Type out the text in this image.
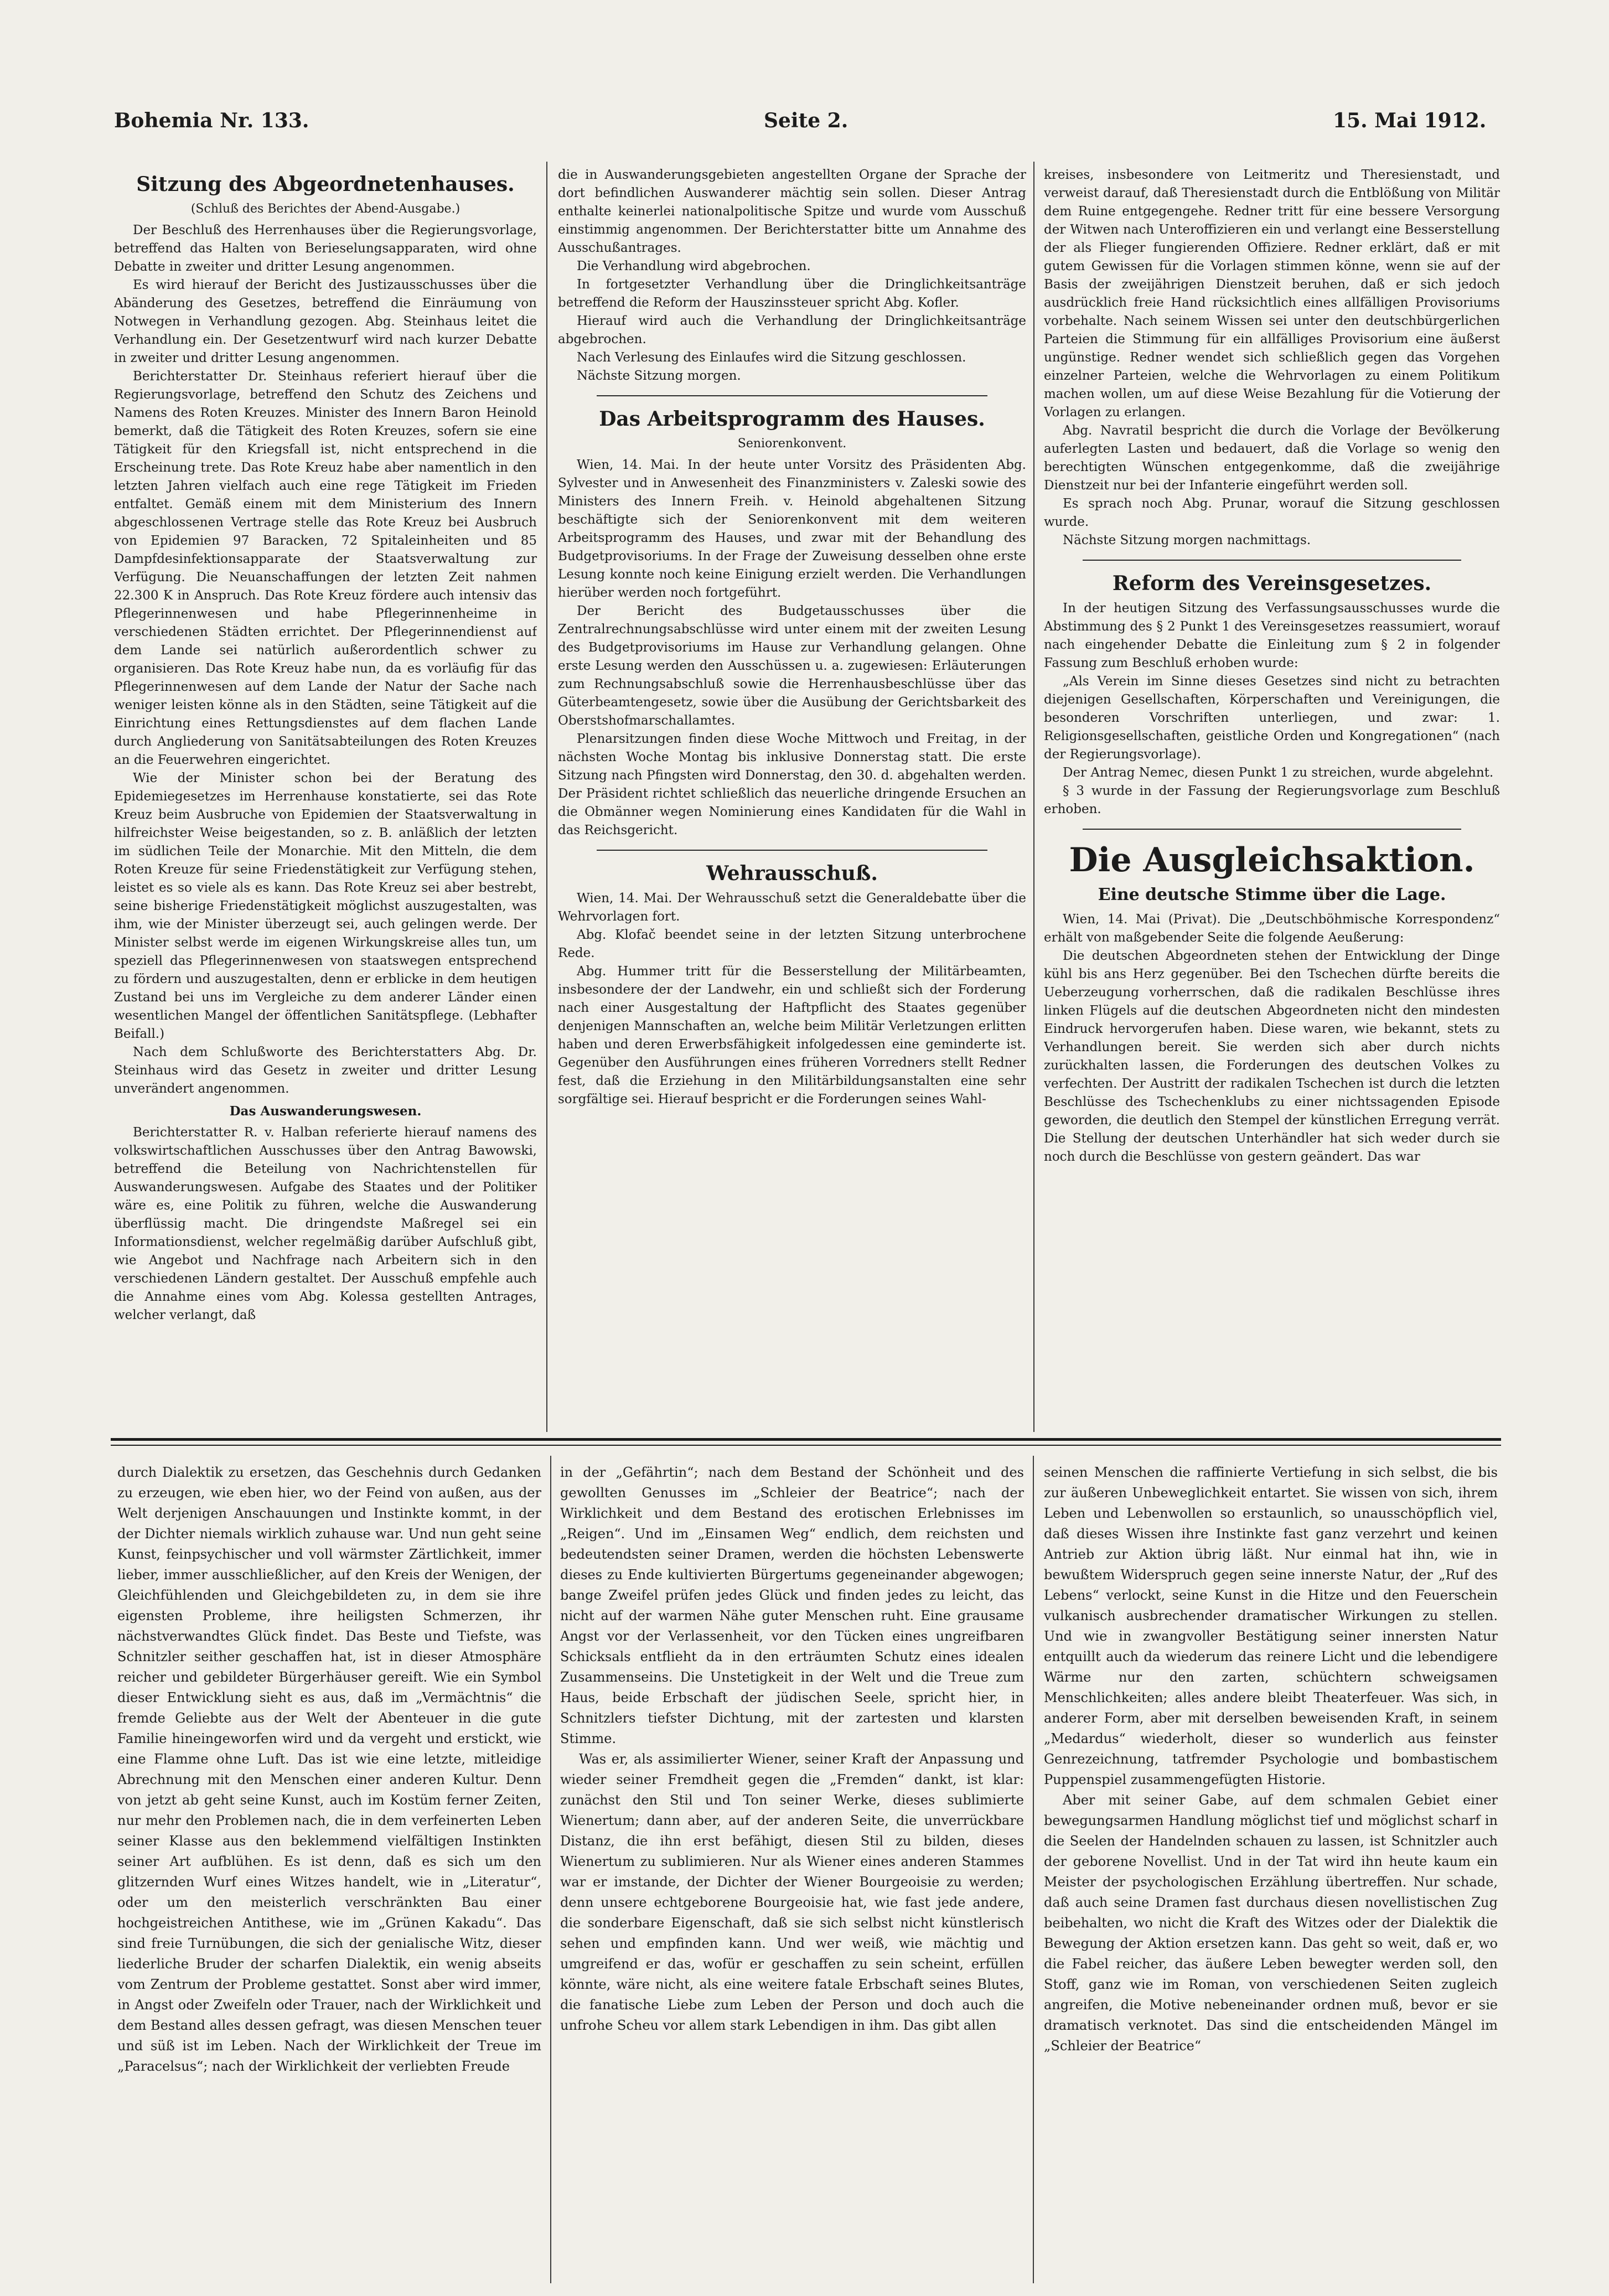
Bohemia Nr. 133.	Seite 2.	15. Mai 1912.
Sitzung des Abgeordnetenhauses.
(Schluß des Berichtes der Abend-Ausgabe.)

Der Beschluß des Herrenhauses über die Regierungsvorlage, betreffend das Halten von Berieselungsapparaten, wird ohne Debatte in zweiter und dritter Lesung angenommen.

Es wird hierauf der Bericht des Justizausschusses über die Abänderung des Gesetzes, betreffend die Einräumung von Notwegen in Verhandlung gezogen. Abg. Steinhaus leitet die Verhandlung ein. Der Gesetzentwurf wird nach kurzer Debatte in zweiter und dritter Lesung angenommen.

Berichterstatter Dr. Steinhaus referiert hierauf über die Regierungsvorlage, betreffend den Schutz des Zeichens und Namens des Roten Kreuzes. Minister des Innern Baron Heinold bemerkt, daß die Tätigkeit des Roten Kreuzes, sofern sie eine Tätigkeit für den Kriegsfall ist, nicht entsprechend in die Erscheinung trete. Das Rote Kreuz habe aber namentlich in den letzten Jahren vielfach auch eine rege Tätigkeit im Frieden entfaltet. Gemäß einem mit dem Ministerium des Innern abgeschlossenen Vertrage stelle das Rote Kreuz bei Ausbruch von Epidemien 97 Baracken, 72 Spitaleinheiten und 85 Dampfdesinfektionsapparate der Staatsverwaltung zur Verfügung. Die Neuanschaffungen der letzten Zeit nahmen 22.300 K in Anspruch. Das Rote Kreuz fördere auch intensiv das Pflegerinnenwesen und habe Pflegerinnenheime in verschiedenen Städten errichtet. Der Pflegerinnendienst auf dem Lande sei natürlich außerordentlich schwer zu organisieren. Das Rote Kreuz habe nun, da es vorläufig für das Pflegerinnenwesen auf dem Lande der Natur der Sache nach weniger leisten könne als in den Städten, seine Tätigkeit auf die Einrichtung eines Rettungsdienstes auf dem flachen Lande durch Angliederung von Sanitätsabteilungen des Roten Kreuzes an die Feuerwehren eingerichtet.

Wie der Minister schon bei der Beratung des Epidemiegesetzes im Herrenhause konstatierte, sei das Rote Kreuz beim Ausbruche von Epidemien der Staatsverwaltung in hilfreichster Weise beigestanden, so z. B. anläßlich der letzten im südlichen Teile der Monarchie. Mit den Mitteln, die dem Roten Kreuze für seine Friedenstätigkeit zur Verfügung stehen, leistet es so viele als es kann. Das Rote Kreuz sei aber bestrebt, seine bisherige Friedenstätigkeit möglichst auszugestalten, was ihm, wie der Minister überzeugt sei, auch gelingen werde. Der Minister selbst werde im eigenen Wirkungskreise alles tun, um speziell das Pflegerinnenwesen von staatswegen entsprechend zu fördern und auszugestalten, denn er erblicke in dem heutigen Zustand bei uns im Vergleiche zu dem anderer Länder einen wesentlichen Mangel der öffentlichen Sanitätspflege. (Lebhafter Beifall.)

Nach dem Schlußworte des Berichterstatters Abg. Dr. Steinhaus wird das Gesetz in zweiter und dritter Lesung unverändert angenommen.

Das Auswanderungswesen.

Berichterstatter R. v. Halban referierte hierauf namens des volkswirtschaftlichen Ausschusses über den Antrag Bawowski, betreffend die Beteilung von Nachrichtenstellen für Auswanderungswesen. Aufgabe des Staates und der Politiker wäre es, eine Politik zu führen, welche die Auswanderung überflüssig macht. Die dringendste Maßregel sei ein Informationsdienst, welcher regelmäßig darüber Aufschluß gibt, wie Angebot und Nachfrage nach Arbeitern sich in den verschiedenen Ländern gestaltet. Der Ausschuß empfehle auch die Annahme eines vom Abg. Kolessa gestellten Antrages, welcher verlangt, daß

die in Auswanderungsgebieten angestellten Organe der Sprache der dort befindlichen Auswanderer mächtig sein sollen. Dieser Antrag enthalte keinerlei nationalpolitische Spitze und wurde vom Ausschuß einstimmig angenommen. Der Berichterstatter bitte um Annahme des Ausschußantrages.

Die Verhandlung wird abgebrochen.

In fortgesetzter Verhandlung über die Dringlichkeitsanträge betreffend die Reform der Hauszinssteuer spricht Abg. Kofler.

Hierauf wird auch die Verhandlung der Dringlichkeitsanträge abgebrochen.

Nach Verlesung des Einlaufes wird die Sitzung geschlossen.

Nächste Sitzung morgen.

Das Arbeitsprogramm des Hauses.
Seniorenkonvent.

Wien, 14. Mai. In der heute unter Vorsitz des Präsidenten Abg. Sylvester und in Anwesenheit des Finanzministers v. Zaleski sowie des Ministers des Innern Freih. v. Heinold abgehaltenen Sitzung beschäftigte sich der Seniorenkonvent mit dem weiteren Arbeitsprogramm des Hauses, und zwar mit der Behandlung des Budgetprovisoriums. In der Frage der Zuweisung desselben ohne erste Lesung konnte noch keine Einigung erzielt werden. Die Verhandlungen hierüber werden noch fortgeführt.

Der Bericht des Budgetausschusses über die Zentralrechnungsabschlüsse wird unter einem mit der zweiten Lesung des Budgetprovisoriums im Hause zur Verhandlung gelangen. Ohne erste Lesung werden den Ausschüssen u. a. zugewiesen: Erläuterungen zum Rechnungsabschluß sowie die Herrenhausbeschlüsse über das Güterbeamtengesetz, sowie über die Ausübung der Gerichtsbarkeit des Oberstshofmarschallamtes.

Plenarsitzungen finden diese Woche Mittwoch und Freitag, in der nächsten Woche Montag bis inklusive Donnerstag statt. Die erste Sitzung nach Pfingsten wird Donnerstag, den 30. d. abgehalten werden. Der Präsident richtet schließlich das neuerliche dringende Ersuchen an die Obmänner wegen Nominierung eines Kandidaten für die Wahl in das Reichsgericht.

Wehrausschuß.

Wien, 14. Mai. Der Wehrausschuß setzt die Generaldebatte über die Wehrvorlagen fort.

Abg. Klofač beendet seine in der letzten Sitzung unterbrochene Rede.

Abg. Hummer tritt für die Besserstellung der Militärbeamten, insbesondere der der Landwehr, ein und schließt sich der Forderung nach einer Ausgestaltung der Haftpflicht des Staates gegenüber denjenigen Mannschaften an, welche beim Militär Verletzungen erlitten haben und deren Erwerbsfähigkeit infolgedessen eine geminderte ist. Gegenüber den Ausführungen eines früheren Vorredners stellt Redner fest, daß die Erziehung in den Militärbildungsanstalten eine sehr sorgfältige sei. Hierauf bespricht er die Forderungen seines Wahl-

kreises, insbesondere von Leitmeritz und Theresienstadt, und verweist darauf, daß Theresienstadt durch die Entblößung von Militär dem Ruine entgegengehe. Redner tritt für eine bessere Versorgung der Witwen nach Unteroffizieren ein und verlangt eine Besserstellung der als Flieger fungierenden Offiziere. Redner erklärt, daß er mit gutem Gewissen für die Vorlagen stimmen könne, wenn sie auf der Basis der zweijährigen Dienstzeit beruhen, daß er sich jedoch ausdrücklich freie Hand rücksichtlich eines allfälligen Provisoriums vorbehalte. Nach seinem Wissen sei unter den deutschbürgerlichen Parteien die Stimmung für ein allfälliges Provisorium eine äußerst ungünstige. Redner wendet sich schließlich gegen das Vorgehen einzelner Parteien, welche die Wehrvorlagen zu einem Politikum machen wollen, um auf diese Weise Bezahlung für die Votierung der Vorlagen zu erlangen.

Abg. Navratil bespricht die durch die Vorlage der Bevölkerung auferlegten Lasten und bedauert, daß die Vorlage so wenig den berechtigten Wünschen entgegenkomme, daß die zweijährige Dienstzeit nur bei der Infanterie eingeführt werden soll.

Es sprach noch Abg. Prunar, worauf die Sitzung geschlossen wurde.

Nächste Sitzung morgen nachmittags.

Reform des Vereinsgesetzes.

In der heutigen Sitzung des Verfassungsausschusses wurde die Abstimmung des § 2 Punkt 1 des Vereinsgesetzes reassumiert, worauf nach eingehender Debatte die Einleitung zum § 2 in folgender Fassung zum Beschluß erhoben wurde:

„Als Verein im Sinne dieses Gesetzes sind nicht zu betrachten diejenigen Gesellschaften, Körperschaften und Vereinigungen, die besonderen Vorschriften unterliegen, und zwar: 1. Religionsgesellschaften, geistliche Orden und Kongregationen“ (nach der Regierungsvorlage).

Der Antrag Nemec, diesen Punkt 1 zu streichen, wurde abgelehnt.

§ 3 wurde in der Fassung der Regierungsvorlage zum Beschluß erhoben.

Die Ausgleichsaktion.
Eine deutsche Stimme über die Lage.

Wien, 14. Mai (Privat). Die „Deutschböhmische Korrespondenz“ erhält von maßgebender Seite die folgende Aeußerung:

Die deutschen Abgeordneten stehen der Entwicklung der Dinge kühl bis ans Herz gegenüber. Bei den Tschechen dürfte bereits die Ueberzeugung vorherrschen, daß die radikalen Beschlüsse ihres linken Flügels auf die deutschen Abgeordneten nicht den mindesten Eindruck hervorgerufen haben. Diese waren, wie bekannt, stets zu Verhandlungen bereit. Sie werden sich aber durch nichts zurückhalten lassen, die Forderungen des deutschen Volkes zu verfechten. Der Austritt der radikalen Tschechen ist durch die letzten Beschlüsse des Tschechenklubs zu einer nichtssagenden Episode geworden, die deutlich den Stempel der künstlichen Erregung verrät. Die Stellung der deutschen Unterhändler hat sich weder durch sie noch durch die Beschlüsse von gestern geändert. Das war

durch Dialektik zu ersetzen, das Geschehnis durch Gedanken zu erzeugen, wie eben hier, wo der Feind von außen, aus der Welt derjenigen Anschauungen und Instinkte kommt, in der der Dichter niemals wirklich zuhause war. Und nun geht seine Kunst, feinpsychischer und voll wärmster Zärtlichkeit, immer lieber, immer ausschließlicher, auf den Kreis der Wenigen, der Gleichfühlenden und Gleichgebildeten zu, in dem sie ihre eigensten Probleme, ihre heiligsten Schmerzen, ihr nächstverwandtes Glück findet. Das Beste und Tiefste, was Schnitzler seither geschaffen hat, ist in dieser Atmosphäre reicher und gebildeter Bürgerhäuser gereift. Wie ein Symbol dieser Entwicklung sieht es aus, daß im „Vermächtnis“ die fremde Geliebte aus der Welt der Abenteuer in die gute Familie hineingeworfen wird und da vergeht und erstickt, wie eine Flamme ohne Luft. Das ist wie eine letzte, mitleidige Abrechnung mit den Menschen einer anderen Kultur. Denn von jetzt ab geht seine Kunst, auch im Kostüm ferner Zeiten, nur mehr den Problemen nach, die in dem verfeinerten Leben seiner Klasse aus den beklemmend vielfältigen Instinkten seiner Art aufblühen. Es ist denn, daß es sich um den glitzernden Wurf eines Witzes handelt, wie in „Literatur“, oder um den meisterlich verschränkten Bau einer hochgeistreichen Antithese, wie im „Grünen Kakadu“. Das sind freie Turnübungen, die sich der genialische Witz, dieser liederliche Bruder der scharfen Dialektik, ein wenig abseits vom Zentrum der Probleme gestattet. Sonst aber wird immer, in Angst oder Zweifeln oder Trauer, nach der Wirklichkeit und dem Bestand alles dessen gefragt, was diesen Menschen teuer und süß ist im Leben. Nach der Wirklichkeit der Treue im „Paracelsus“; nach der Wirklichkeit der verliebten Freude

in der „Gefährtin“; nach dem Bestand der Schönheit und des gewollten Genusses im „Schleier der Beatrice“; nach der Wirklichkeit und dem Bestand des erotischen Erlebnisses im „Reigen“. Und im „Einsamen Weg“ endlich, dem reichsten und bedeutendsten seiner Dramen, werden die höchsten Lebenswerte dieses zu Ende kultivierten Bürgertums gegeneinander abgewogen; bange Zweifel prüfen jedes Glück und finden jedes zu leicht, das nicht auf der warmen Nähe guter Menschen ruht. Eine grausame Angst vor der Verlassenheit, vor den Tücken eines ungreifbaren Schicksals entflieht da in den erträumten Schutz eines idealen Zusammenseins. Die Unstetigkeit in der Welt und die Treue zum Haus, beide Erbschaft der jüdischen Seele, spricht hier, in Schnitzlers tiefster Dichtung, mit der zartesten und klarsten Stimme.

Was er, als assimilierter Wiener, seiner Kraft der Anpassung und wieder seiner Fremdheit gegen die „Fremden“ dankt, ist klar: zunächst den Stil und Ton seiner Werke, dieses sublimierte Wienertum; dann aber, auf der anderen Seite, die unverrückbare Distanz, die ihn erst befähigt, diesen Stil zu bilden, dieses Wienertum zu sublimieren. Nur als Wiener eines anderen Stammes war er imstande, der Dichter der Wiener Bourgeoisie zu werden; denn unsere echtgeborene Bourgeoisie hat, wie fast jede andere, die sonderbare Eigenschaft, daß sie sich selbst nicht künstlerisch sehen und empfinden kann. Und wer weiß, wie mächtig und umgreifend er das, wofür er geschaffen zu sein scheint, erfüllen könnte, wäre nicht, als eine weitere fatale Erbschaft seines Blutes, die fanatische Liebe zum Leben der Person und doch auch die unfrohe Scheu vor allem stark Lebendigen in ihm. Das gibt allen

seinen Menschen die raffinierte Vertiefung in sich selbst, die bis zur äußeren Unbeweglichkeit entartet. Sie wissen von sich, ihrem Leben und Lebenwollen so erstaunlich, so unausschöpflich viel, daß dieses Wissen ihre Instinkte fast ganz verzehrt und keinen Antrieb zur Aktion übrig läßt. Nur einmal hat ihn, wie in bewußtem Widerspruch gegen seine innerste Natur, der „Ruf des Lebens“ verlockt, seine Kunst in die Hitze und den Feuerschein vulkanisch ausbrechender dramatischer Wirkungen zu stellen. Und wie in zwangvoller Bestätigung seiner innersten Natur entquillt auch da wiederum das reinere Licht und die lebendigere Wärme nur den zarten, schüchtern schweigsamen Menschlichkeiten; alles andere bleibt Theaterfeuer. Was sich, in anderer Form, aber mit derselben beweisenden Kraft, in seinem „Medardus“ wiederholt, dieser so wunderlich aus feinster Genrezeichnung, tatfremder Psychologie und bombastischem Puppenspiel zusammengefügten Historie.

Aber mit seiner Gabe, auf dem schmalen Gebiet einer bewegungsarmen Handlung möglichst tief und möglichst scharf in die Seelen der Handelnden schauen zu lassen, ist Schnitzler auch der geborene Novellist. Und in der Tat wird ihn heute kaum ein Meister der psychologischen Erzählung übertreffen. Nur schade, daß auch seine Dramen fast durchaus diesen novellistischen Zug beibehalten, wo nicht die Kraft des Witzes oder der Dialektik die Bewegung der Aktion ersetzen kann. Das geht so weit, daß er, wo die Fabel reicher, das äußere Leben bewegter werden soll, den Stoff, ganz wie im Roman, von verschiedenen Seiten zugleich angreifen, die Motive nebeneinander ordnen muß, bevor er sie dramatisch verknotet. Das sind die entscheidenden Mängel im „Schleier der Beatrice“
